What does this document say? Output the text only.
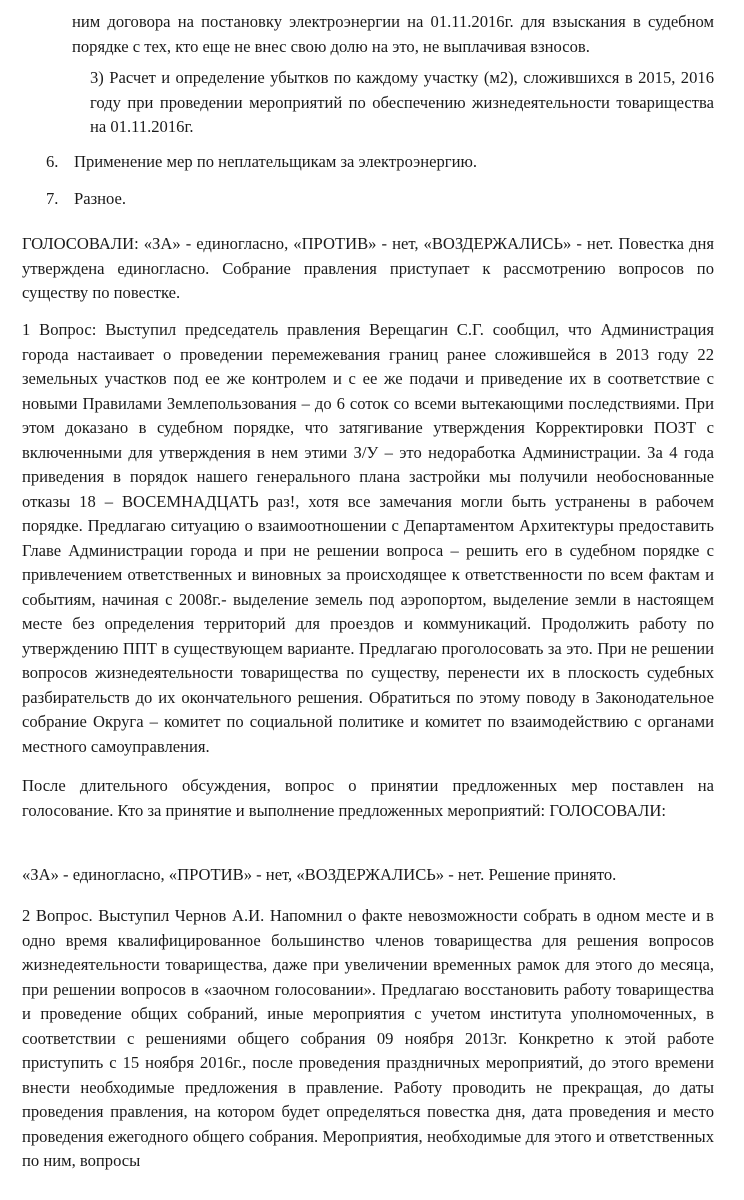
ним договора на постановку электроэнергии на 01.11.2016г. для взыскания в судебном порядке с тех, кто еще не внес свою долю на это, не выплачивая взносов.

3) Расчет и определение убытков по каждому участку (м2), сложившихся в 2015, 2016 году при проведении мероприятий по обеспечению жизнедеятельности товарищества на 01.11.2016г.

6. Применение мер по неплательщикам за электроэнергию.

7. Разное.

ГОЛОСОВАЛИ: «ЗА» - единогласно, «ПРОТИВ» - нет, «ВОЗДЕРЖАЛИСЬ» - нет. Повестка дня утверждена единогласно. Собрание правления приступает к рассмотрению вопросов по существу по повестке.

1 Вопрос: Выступил председатель правления Верещагин С.Г. сообщил, что Администрация города настаивает о проведении перемежевания границ ранее сложившейся в 2013 году 22 земельных участков под ее же контролем и с ее же подачи и приведение их в соответствие с новыми Правилами Землепользования – до 6 соток со всеми вытекающими последствиями. При этом доказано в судебном порядке, что затягивание утверждения Корректировки ПОЗТ с включенными для утверждения в нем этими З/У – это недоработка Администрации. За 4 года приведения в порядок нашего генерального плана застройки мы получили необоснованные отказы 18 – ВОСЕМНАДЦАТЬ раз!, хотя все замечания могли быть устранены в рабочем порядке. Предлагаю ситуацию о взаимоотношении с Департаментом Архитектуры предоставить Главе Администрации города и при не решении вопроса – решить его в судебном порядке с привлечением ответственных и виновных за происходящее к ответственности по всем фактам и событиям, начиная с 2008г.- выделение земель под аэропортом, выделение земли в настоящем месте без определения территорий для проездов и коммуникаций. Продолжить работу по утверждению ППТ в существующем варианте. Предлагаю проголосовать за это. При не решении вопросов жизнедеятельности товарищества по существу, перенести их в плоскость судебных разбирательств до их окончательного решения. Обратиться по этому поводу в Законодательное собрание Округа – комитет по социальной политике и комитет по взаимодействию с органами местного самоуправления.

После длительного обсуждения, вопрос о принятии предложенных мер поставлен на голосование. Кто за принятие и выполнение предложенных мероприятий: ГОЛОСОВАЛИ:

«ЗА» - единогласно, «ПРОТИВ» - нет, «ВОЗДЕРЖАЛИСЬ» - нет. Решение принято.

2 Вопрос. Выступил Чернов А.И. Напомнил о факте невозможности собрать в одном месте и в одно время квалифицированное большинство членов товарищества для решения вопросов жизнедеятельности товарищества, даже при увеличении временных рамок для этого до месяца, при решении вопросов в «заочном голосовании». Предлагаю восстановить работу товарищества и проведение общих собраний, иные мероприятия с учетом института уполномоченных, в соответствии с решениями общего собрания 09 ноября 2013г. Конкретно к этой работе приступить с 15 ноября 2016г., после проведения праздничных мероприятий, до этого времени внести необходимые предложения в правление. Работу проводить не прекращая, до даты проведения правления, на котором будет определяться повестка дня, дата проведения и место проведения ежегодного общего собрания. Мероприятия, необходимые для этого и ответственных по ним, вопросы
